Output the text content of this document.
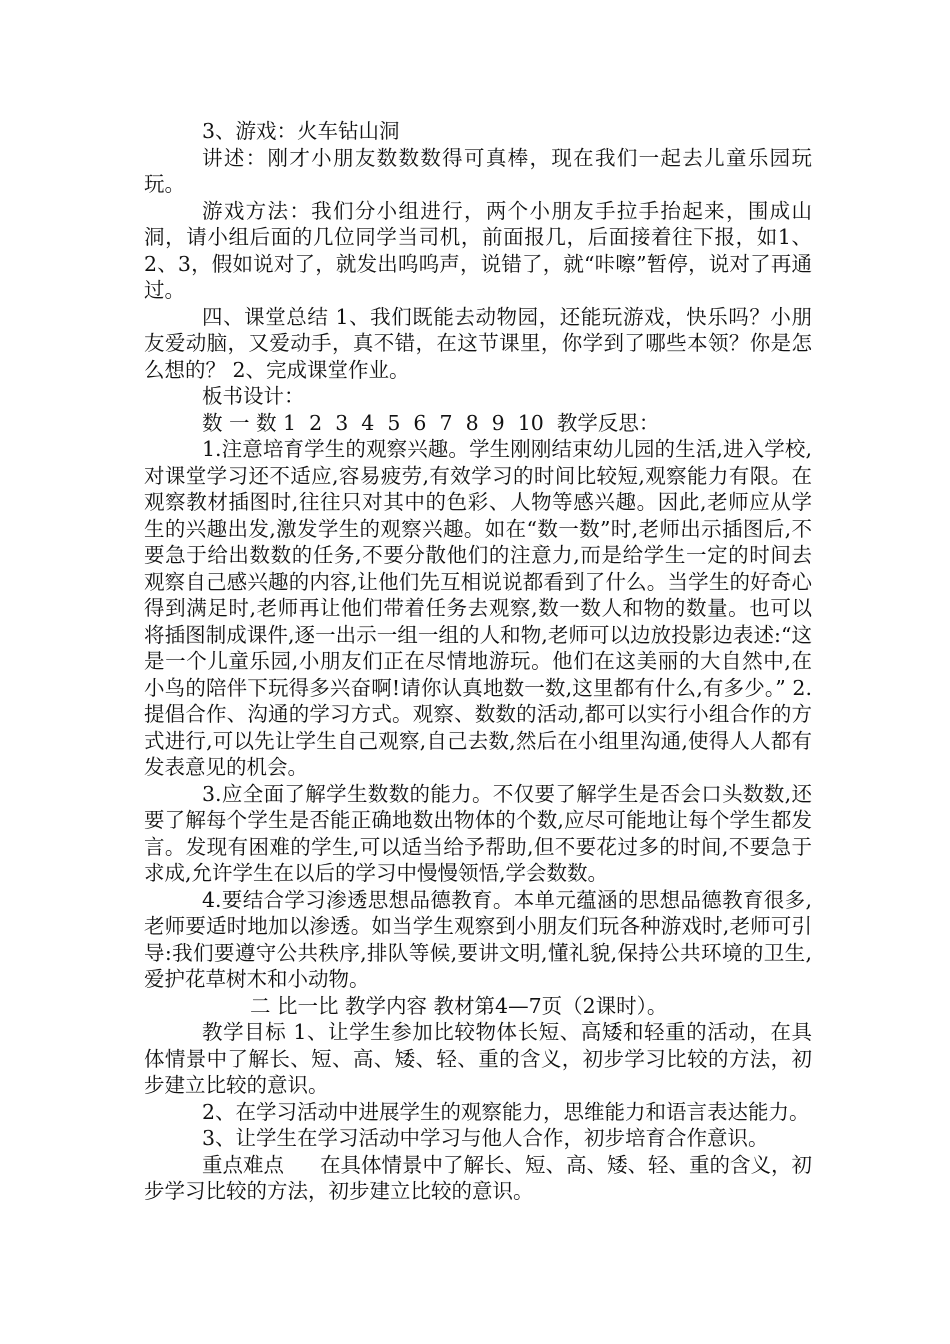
3、游戏：火车钻山洞

讲述：刚才小朋友数数数得可真棒，现在我们一起去儿童乐园玩玩。

游戏方法：我们分小组进行，两个小朋友手拉手抬起来，围成山洞，请小组后面的几位同学当司机，前面报几，后面接着往下报，如1、2、3，假如说对了，就发出呜呜声，说错了，就“咔嚓”暂停，说对了再通过。

四、课堂总结 1、我们既能去动物园，还能玩游戏，快乐吗？小朋友爱动脑，又爱动手，真不错，在这节课里，你学到了哪些本领？你是怎么想的？ 2、完成课堂作业。

板书设计：

数 一 数 1  2  3  4  5  6  7  8  9  10  教学反思：

1.注意培育学生的观察兴趣。学生刚刚结束幼儿园的生活,进入学校,对课堂学习还不适应,容易疲劳,有效学习的时间比较短,观察能力有限。在观察教材插图时,往往只对其中的色彩、人物等感兴趣。因此,老师应从学生的兴趣出发,激发学生的观察兴趣。如在“数一数”时,老师出示插图后,不要急于给出数数的任务,不要分散他们的注意力,而是给学生一定的时间去观察自己感兴趣的内容,让他们先互相说说都看到了什么。当学生的好奇心得到满足时,老师再让他们带着任务去观察,数一数人和物的数量。也可以将插图制成课件,逐一出示一组一组的人和物,老师可以边放投影边表述:“这是一个儿童乐园,小朋友们正在尽情地游玩。他们在这美丽的大自然中,在小鸟的陪伴下玩得多兴奋啊!请你认真地数一数,这里都有什么,有多少。” 2.提倡合作、沟通的学习方式。观察、数数的活动,都可以实行小组合作的方式进行,可以先让学生自己观察,自己去数,然后在小组里沟通,使得人人都有发表意见的机会。

3.应全面了解学生数数的能力。不仅要了解学生是否会口头数数,还要了解每个学生是否能正确地数出物体的个数,应尽可能地让每个学生都发言。发现有困难的学生,可以适当给予帮助,但不要花过多的时间,不要急于求成,允许学生在以后的学习中慢慢领悟,学会数数。

4.要结合学习渗透思想品德教育。本单元蕴涵的思想品德教育很多,老师要适时地加以渗透。如当学生观察到小朋友们玩各种游戏时,老师可引导:我们要遵守公共秩序,排队等候,要讲文明,懂礼貌,保持公共环境的卫生,爱护花草树木和小动物。

二 比一比 教学内容 教材第4—7页（2课时）。

教学目标 1、让学生参加比较物体长短、高矮和轻重的活动，在具体情景中了解长、短、高、矮、轻、重的含义，初步学习比较的方法，初步建立比较的意识。

2、在学习活动中进展学生的观察能力，思维能力和语言表达能力。

3、让学生在学习活动中学习与他人合作，初步培育合作意识。

重点难点 在具体情景中了解长、短、高、矮、轻、重的含义，初步学习比较的方法，初步建立比较的意识。
